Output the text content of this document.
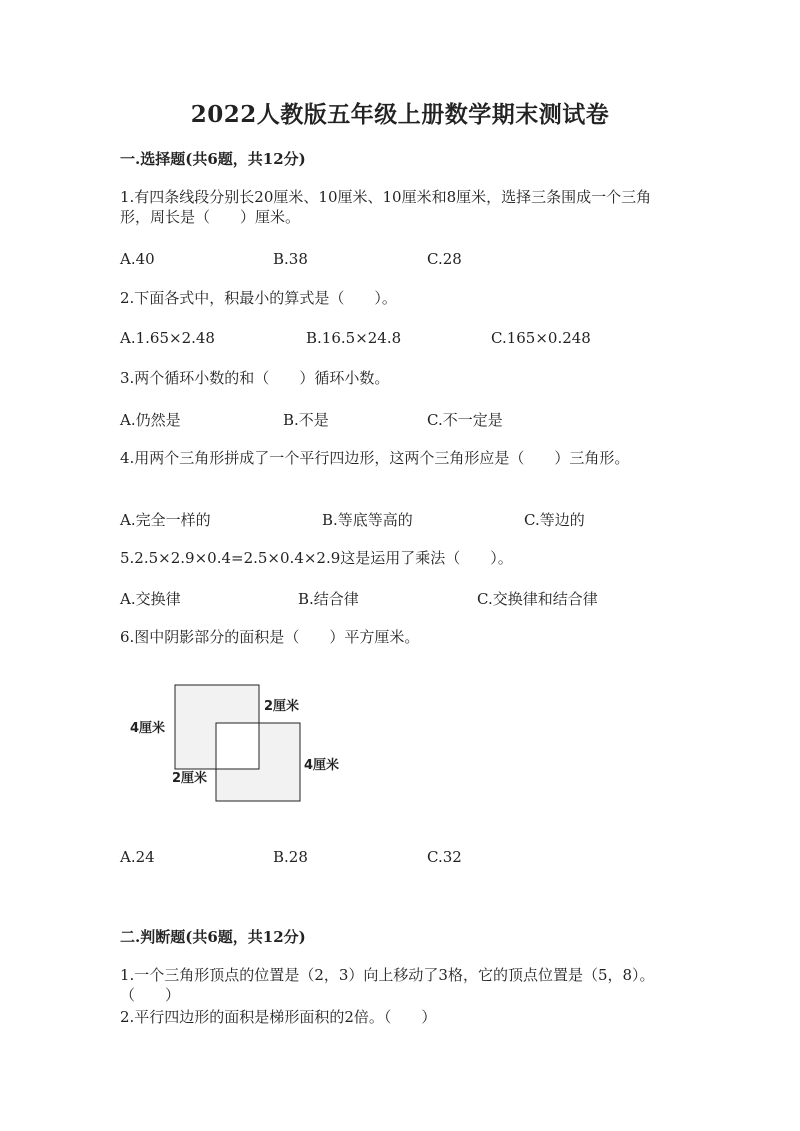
2022人教版五年级上册数学期末测试卷
一.选择题(共6题，共12分)
1.有四条线段分别长20厘米、10厘米、10厘米和8厘米，选择三条围成一个三角形，周长是（　　）厘米。
A.40	B.38	C.28
2.下面各式中，积最小的算式是（　　）。
A.1.65×2.48	B.16.5×24.8	C.165×0.248
3.两个循环小数的和（　　）循环小数。
A.仍然是	B.不是	C.不一定是
4.用两个三角形拼成了一个平行四边形，这两个三角形应是（　　）三角形。
A.完全一样的	B.等底等高的	C.等边的
5.2.5×2.9×0.4=2.5×0.4×2.9这是运用了乘法（　　）。
A.交换律	B.结合律	C.交换律和结合律
6.图中阴影部分的面积是（　　）平方厘米。
4厘米
2厘米
2厘米
4厘米
A.24	B.28	C.32
二.判断题(共6题，共12分)
1.一个三角形顶点的位置是（2，3）向上移动了3格，它的顶点位置是（5，8）。（　　）
2.平行四边形的面积是梯形面积的2倍。（　　）
